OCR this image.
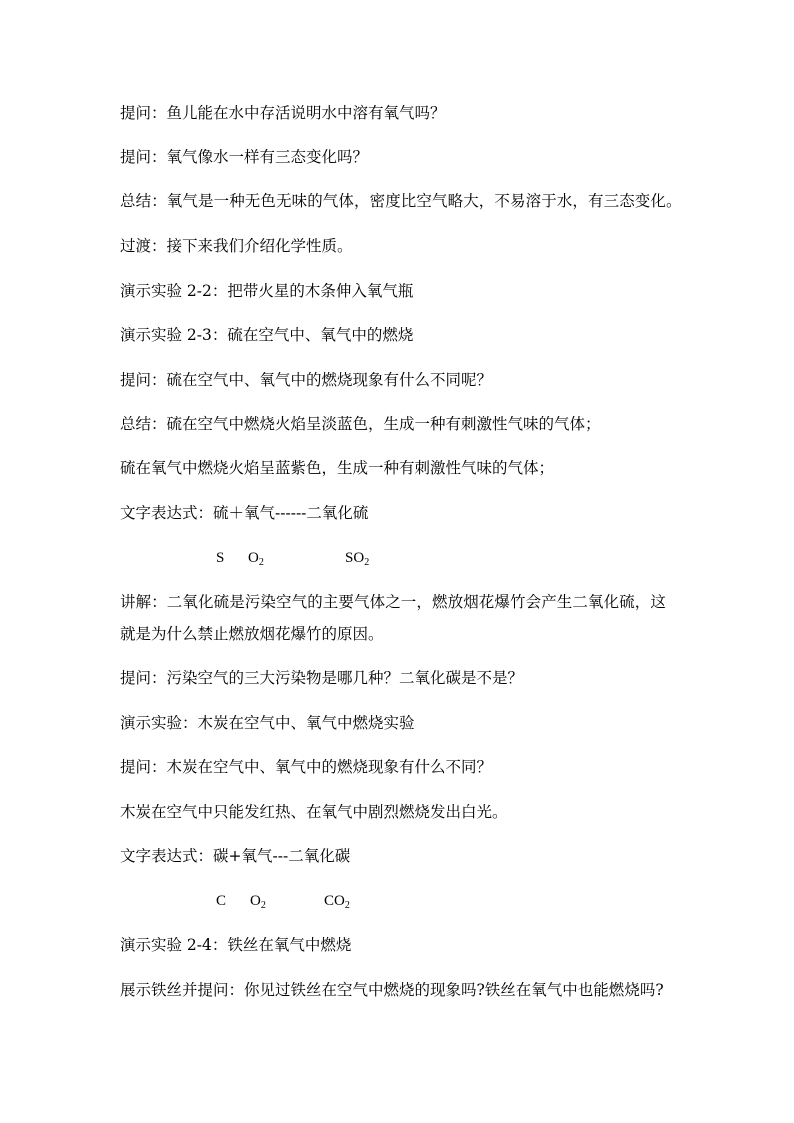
提问：鱼儿能在水中存活说明水中溶有氧气吗？
提问：氧气像水一样有三态变化吗？
总结：氧气是一种无色无味的气体，密度比空气略大，不易溶于水，有三态变化。
过渡：接下来我们介绍化学性质。
演示实验 2-2：把带火星的木条伸入氧气瓶
演示实验 2-3：硫在空气中、氧气中的燃烧
提问：硫在空气中、氧气中的燃烧现象有什么不同呢？
总结：硫在空气中燃烧火焰呈淡蓝色，生成一种有刺激性气味的气体；
硫在氧气中燃烧火焰呈蓝紫色，生成一种有刺激性气味的气体；
文字表达式：硫＋氧气------二氧化硫
S $O_2$	$SO_2$
讲解：二氧化硫是污染空气的主要气体之一，燃放烟花爆竹会产生二氧化硫，这
就是为什么禁止燃放烟花爆竹的原因。
提问：污染空气的三大污染物是哪几种？二氧化碳是不是？
演示实验：木炭在空气中、氧气中燃烧实验
提问：木炭在空气中、氧气中的燃烧现象有什么不同？
木炭在空气中只能发红热、在氧气中剧烈燃烧发出白光。
文字表达式：碳+氧气---二氧化碳
C $O_2$	$CO_2$
演示实验 2-4：铁丝在氧气中燃烧
展示铁丝并提问：你见过铁丝在空气中燃烧的现象吗?铁丝在氧气中也能燃烧吗?
